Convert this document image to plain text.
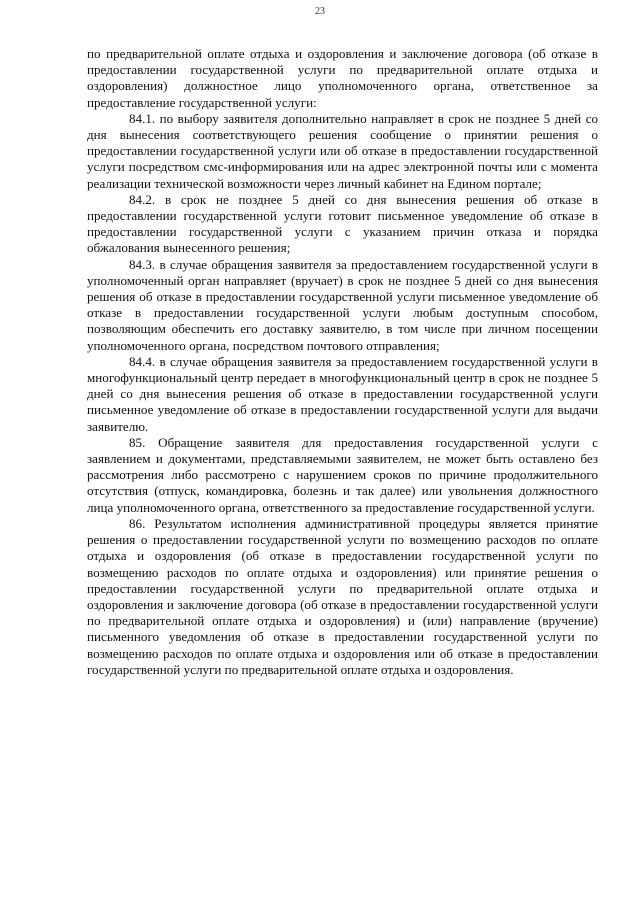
23

по предварительной оплате отдыха и оздоровления и заключение договора (об отказе в предоставлении государственной услуги по предварительной оплате отдыха и оздоровления) должностное лицо уполномоченного органа, ответственное за предоставление государственной услуги:

84.1. по выбору заявителя дополнительно направляет в срок не позднее 5 дней со дня вынесения соответствующего решения сообщение о принятии решения о предоставлении государственной услуги или об отказе в предоставлении государственной услуги посредством смс-информирования или на адрес электронной почты или с момента реализации технической возможности через личный кабинет на Едином портале;

84.2. в срок не позднее 5 дней со дня вынесения решения об отказе в предоставлении государственной услуги готовит письменное уведомление об отказе в предоставлении государственной услуги с указанием причин отказа и порядка обжалования вынесенного решения;

84.3. в случае обращения заявителя за предоставлением государственной услуги в уполномоченный орган направляет (вручает) в срок не позднее 5 дней со дня вынесения решения об отказе в предоставлении государственной услуги письменное уведомление об отказе в предоставлении государственной услуги любым доступным способом, позволяющим обеспечить его доставку заявителю, в том числе при личном посещении уполномоченного органа, посредством почтового отправления;

84.4. в случае обращения заявителя за предоставлением государственной услуги в многофункциональный центр передает в многофункциональный центр в срок не позднее 5 дней со дня вынесения решения об отказе в предоставлении государственной услуги письменное уведомление об отказе в предоставлении государственной услуги для выдачи заявителю.

85. Обращение заявителя для предоставления государственной услуги с заявлением и документами, представляемыми заявителем, не может быть оставлено без рассмотрения либо рассмотрено с нарушением сроков по причине продолжительного отсутствия (отпуск, командировка, болезнь и так далее) или увольнения должностного лица уполномоченного органа, ответственного за предоставление государственной услуги.

86. Результатом исполнения административной процедуры является принятие решения о предоставлении государственной услуги по возмещению расходов по оплате отдыха и оздоровления (об отказе в предоставлении государственной услуги по возмещению расходов по оплате отдыха и оздоровления) или принятие решения о предоставлении государственной услуги по предварительной оплате отдыха и оздоровления и заключение договора (об отказе в предоставлении государственной услуги по предварительной оплате отдыха и оздоровления) и (или) направление (вручение) письменного уведомления об отказе в предоставлении государственной услуги по возмещению расходов по оплате отдыха и оздоровления или об отказе в предоставлении государственной услуги по предварительной оплате отдыха и оздоровления.
